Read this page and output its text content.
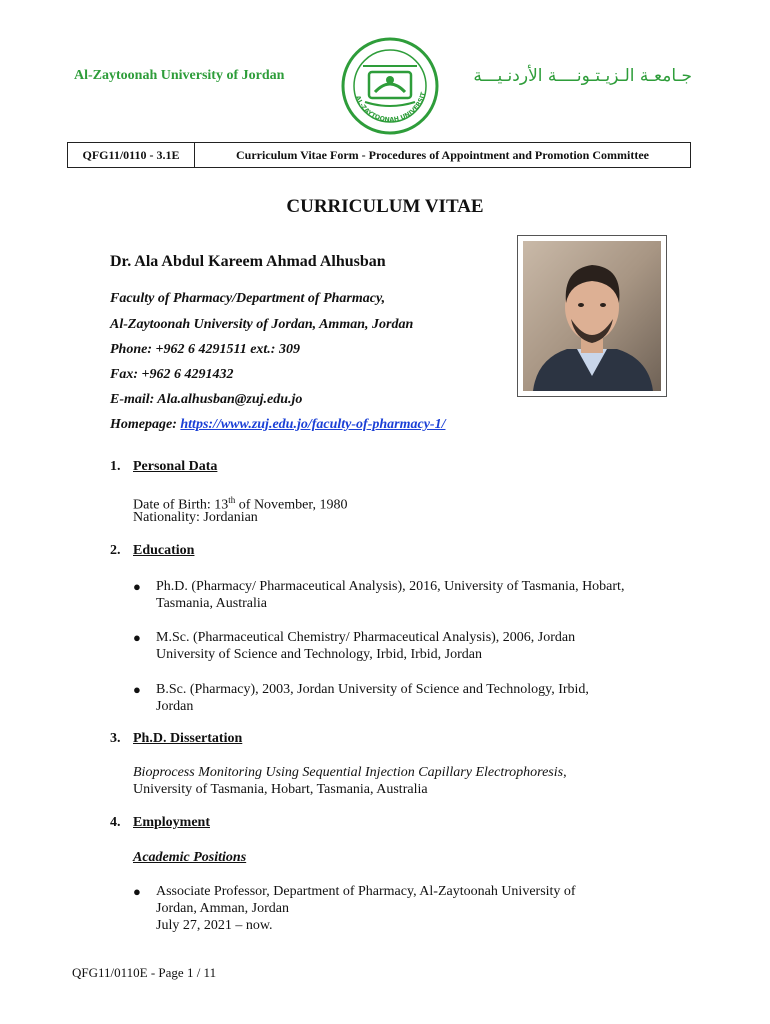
Al-Zaytoonah University of Jordan
AL-ZAYTOONAH UNIVERSIT
جـامعـة الـزيـتـونــــة الأردنـيـــة
QFG11/0110 - 3.1E	Curriculum Vitae Form - Procedures of Appointment and Promotion Committee
CURRICULUM VITAE
Dr. Ala Abdul Kareem Ahmad Alhusban
Faculty of Pharmacy/Department of Pharmacy,
Al-Zaytoonah University of Jordan, Amman, Jordan
Phone: +962 6 4291511 ext.: 309
Fax: +962 6 4291432
E-mail: Ala.alhusban@zuj.edu.jo
Homepage: https://www.zuj.edu.jo/faculty-of-pharmacy-1/
1. Personal Data
Date of Birth: 13th of November, 1980
Nationality: Jordanian
2. Education
●	Ph.D. (Pharmacy/ Pharmaceutical Analysis), 2016, University of Tasmania, Hobart,
Tasmania, Australia
●	M.Sc. (Pharmaceutical Chemistry/ Pharmaceutical Analysis), 2006, Jordan
University of Science and Technology, Irbid, Irbid, Jordan
●	B.Sc. (Pharmacy), 2003, Jordan University of Science and Technology, Irbid,
Jordan
3. Ph.D. Dissertation
Bioprocess Monitoring Using Sequential Injection Capillary Electrophoresis,
University of Tasmania, Hobart, Tasmania, Australia
4. Employment
Academic Positions
●	Associate Professor, Department of Pharmacy, Al-Zaytoonah University of
Jordan, Amman, Jordan
July 27, 2021 – now.
QFG11/0110E - Page 1 / 11
